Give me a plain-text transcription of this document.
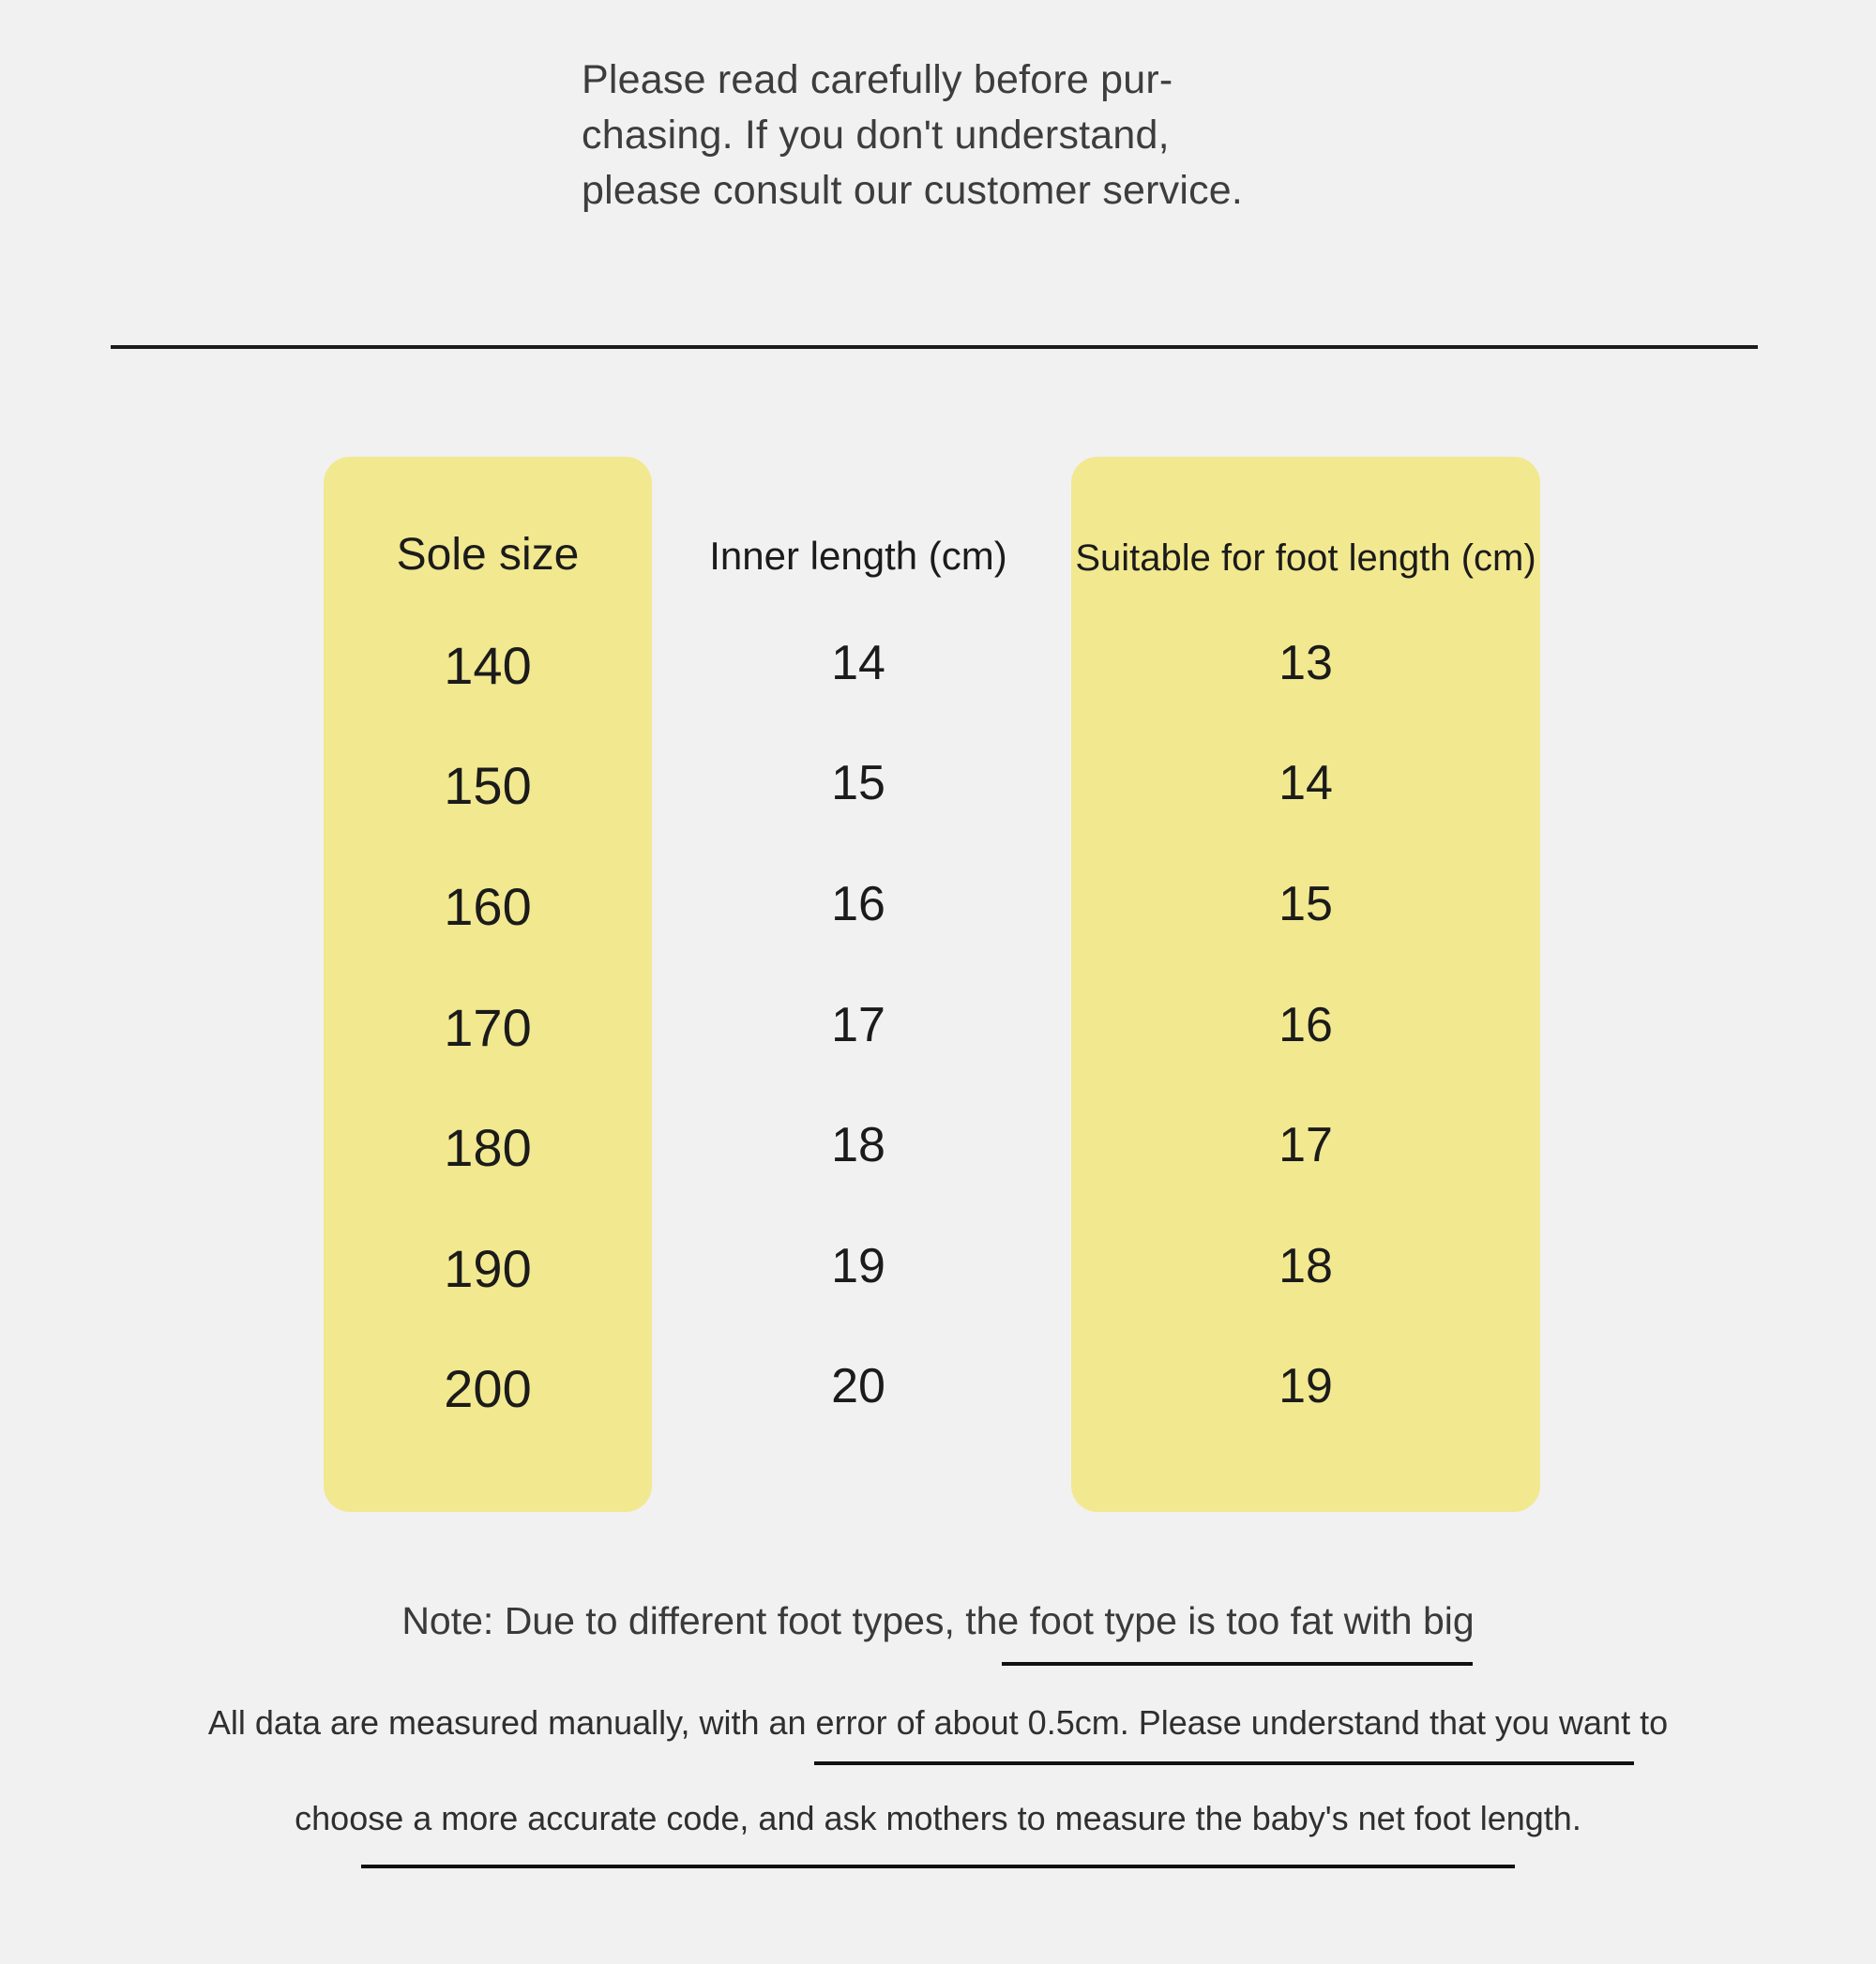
Please read carefully before pur-
chasing. If you don't understand,
please consult our customer service.
Sole size
140
150
160
170
180
190
200
Inner length (cm)
14
15
16
17
18
19
20
Suitable for foot length (cm)
13
14
15
16
17
18
19
Note: Due to different foot types, the foot type is too fat with big
All data are measured manually, with an error of about 0.5cm. Please understand that you want to
choose a more accurate code, and ask mothers to measure the baby's net foot length.
